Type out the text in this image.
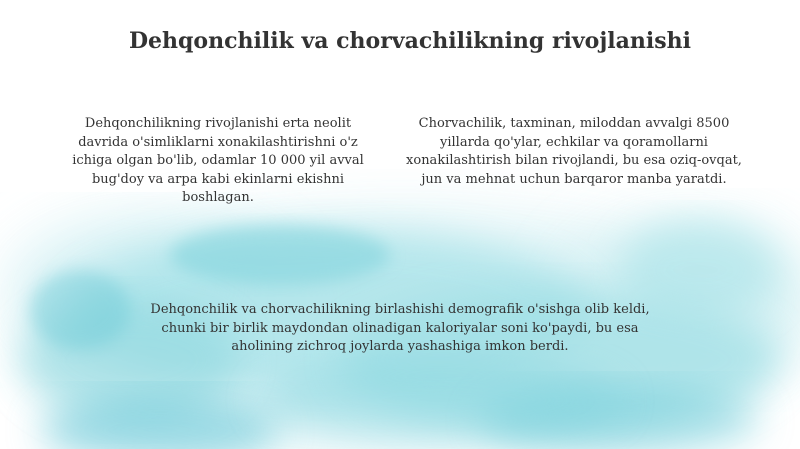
Dehqonchilik va chorvachilikning rivojlanishi

Dehqonchilikning rivojlanishi erta neolit davrida o'simliklarni xonakilashtirishni o'z ichiga olgan bo'lib, odamlar 10 000 yil avval bug'doy va arpa kabi ekinlarni ekishni boshlagan.

Chorvachilik, taxminan, miloddan avvalgi 8500 yillarda qo'ylar, echkilar va qoramollarni xonakilashtirish bilan rivojlandi, bu esa oziq-ovqat, jun va mehnat uchun barqaror manba yaratdi.

Dehqonchilik va chorvachilikning birlashishi demografik o'sishga olib keldi, chunki bir birlik maydondan olinadigan kaloriyalar soni ko'paydi, bu esa aholining zichroq joylarda yashashiga imkon berdi.
